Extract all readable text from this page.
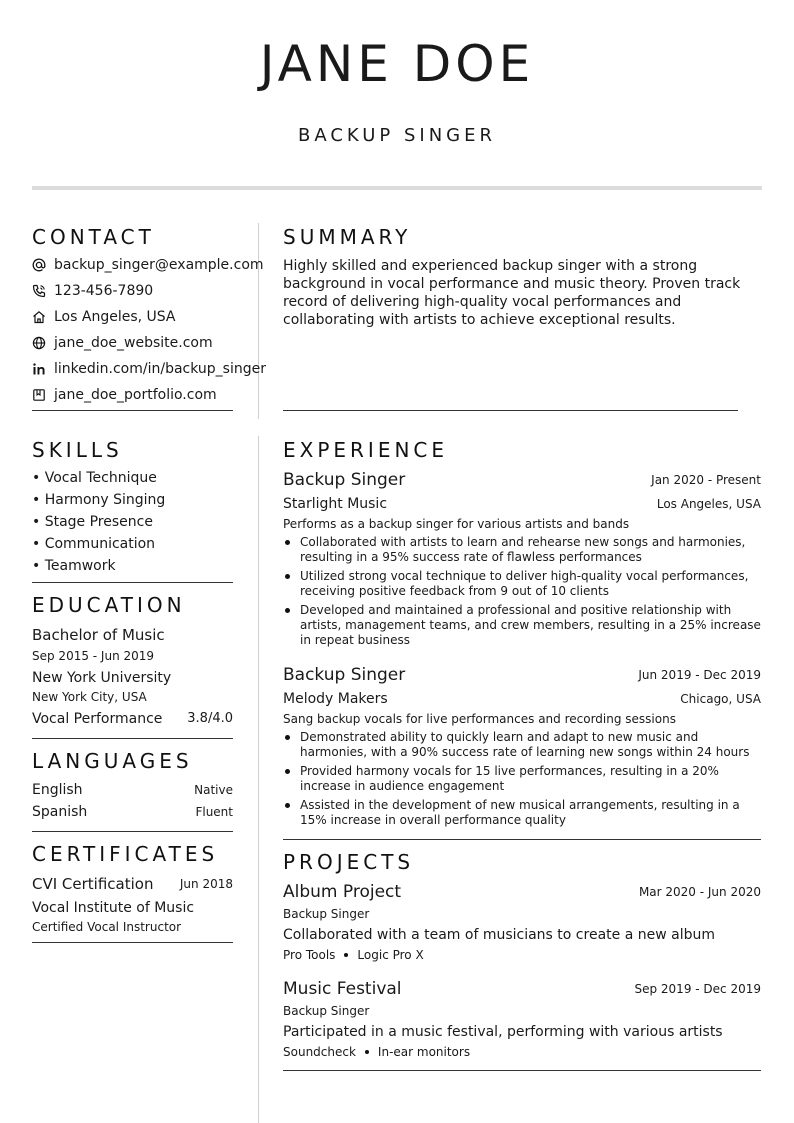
JANE DOE
BACKUP SINGER
CONTACT
backup_singer@example.com
123-456-7890
Los Angeles, USA
jane_doe_website.com
linkedin.com/in/backup_singer
jane_doe_portfolio.com
SUMMARY
Highly skilled and experienced backup singer with a strong background in vocal performance and music theory. Proven track record of delivering high-quality vocal performances and collaborating with artists to achieve exceptional results.
SKILLS
• Vocal Technique
• Harmony Singing
• Stage Presence
• Communication
• Teamwork
EDUCATION
Bachelor of Music
Sep 2015 - Jun 2019
New York University
New York City, USA
Vocal Performance	3.8/4.0
LANGUAGES
English	Native
Spanish	Fluent
CERTIFICATES
CVI Certification	Jun 2018
Vocal Institute of Music
Certified Vocal Instructor
EXPERIENCE
Backup Singer	Jan 2020 - Present
Starlight Music	Los Angeles, USA
Performs as a backup singer for various artists and bands
Collaborated with artists to learn and rehearse new songs and harmonies, resulting in a 95% success rate of flawless performances
Utilized strong vocal technique to deliver high-quality vocal performances, receiving positive feedback from 9 out of 10 clients
Developed and maintained a professional and positive relationship with artists, management teams, and crew members, resulting in a 25% increase in repeat business
Backup Singer	Jun 2019 - Dec 2019
Melody Makers	Chicago, USA
Sang backup vocals for live performances and recording sessions
Demonstrated ability to quickly learn and adapt to new music and harmonies, with a 90% success rate of learning new songs within 24 hours
Provided harmony vocals for 15 live performances, resulting in a 20% increase in audience engagement
Assisted in the development of new musical arrangements, resulting in a 15% increase in overall performance quality
PROJECTS
Album Project	Mar 2020 - Jun 2020
Backup Singer
Collaborated with a team of musicians to create a new album
Pro Tools Logic Pro X
Music Festival	Sep 2019 - Dec 2019
Backup Singer
Participated in a music festival, performing with various artists
Soundcheck In-ear monitors
